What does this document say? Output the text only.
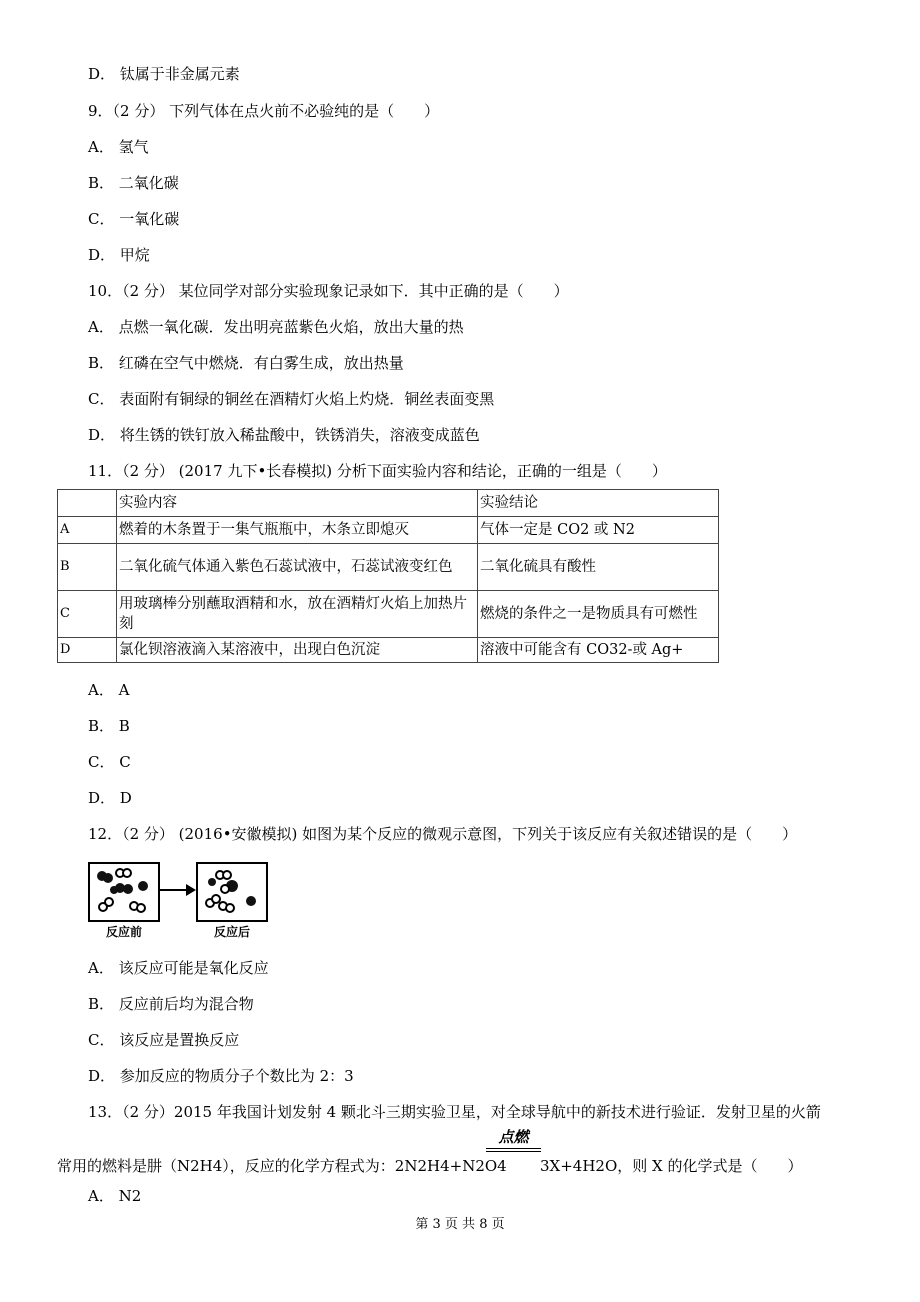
D． 钛属于非金属元素
9．（2 分） 下列气体在点火前不必验纯的是（　　）
A． 氢气
B． 二氧化碳
C． 一氧化碳
D． 甲烷
10．（2 分） 某位同学对部分实验现象记录如下．其中正确的是（　　）
A． 点燃一氧化碳．发出明亮蓝紫色火焰，放出大量的热
B． 红磷在空气中燃烧．有白雾生成，放出热量
C． 表面附有铜绿的铜丝在酒精灯火焰上灼烧．铜丝表面变黑
D． 将生锈的铁钉放入稀盐酸中，铁锈消失，溶液变成蓝色
11．（2 分） (2017 九下•长春模拟) 分析下面实验内容和结论，正确的一组是（　　）
	实验内容	实验结论
A	燃着的木条置于一集气瓶瓶中，木条立即熄灭	气体一定是 CO2 或 N2
B	二氧化硫气体通入紫色石蕊试液中，石蕊试液变红色	二氧化硫具有酸性
C	用玻璃棒分别蘸取酒精和水，放在酒精灯火焰上加热片刻	燃烧的条件之一是物质具有可燃性
D	氯化钡溶液滴入某溶液中，出现白色沉淀	溶液中可能含有 CO32-或 Ag+
A． A
B． B
C． C
D． D
12．（2 分） (2016•安徽模拟) 如图为某个反应的微观示意图，下列关于该反应有关叙述错误的是（　　）
反应前	反应后
A． 该反应可能是氧化反应
B． 反应前后均为混合物
C． 该反应是置换反应
D． 参加反应的物质分子个数比为 2：3
13．（2 分）2015 年我国计划发射 4 颗北斗三期实验卫星，对全球导航中的新技术进行验证．发射卫星的火箭
点燃
常用的燃料是肼（N2H4），反应的化学方程式为：2N2H4+N2O4 3X+4H2O，则 X 的化学式是（　　）
A． N2
第 3 页 共 8 页
